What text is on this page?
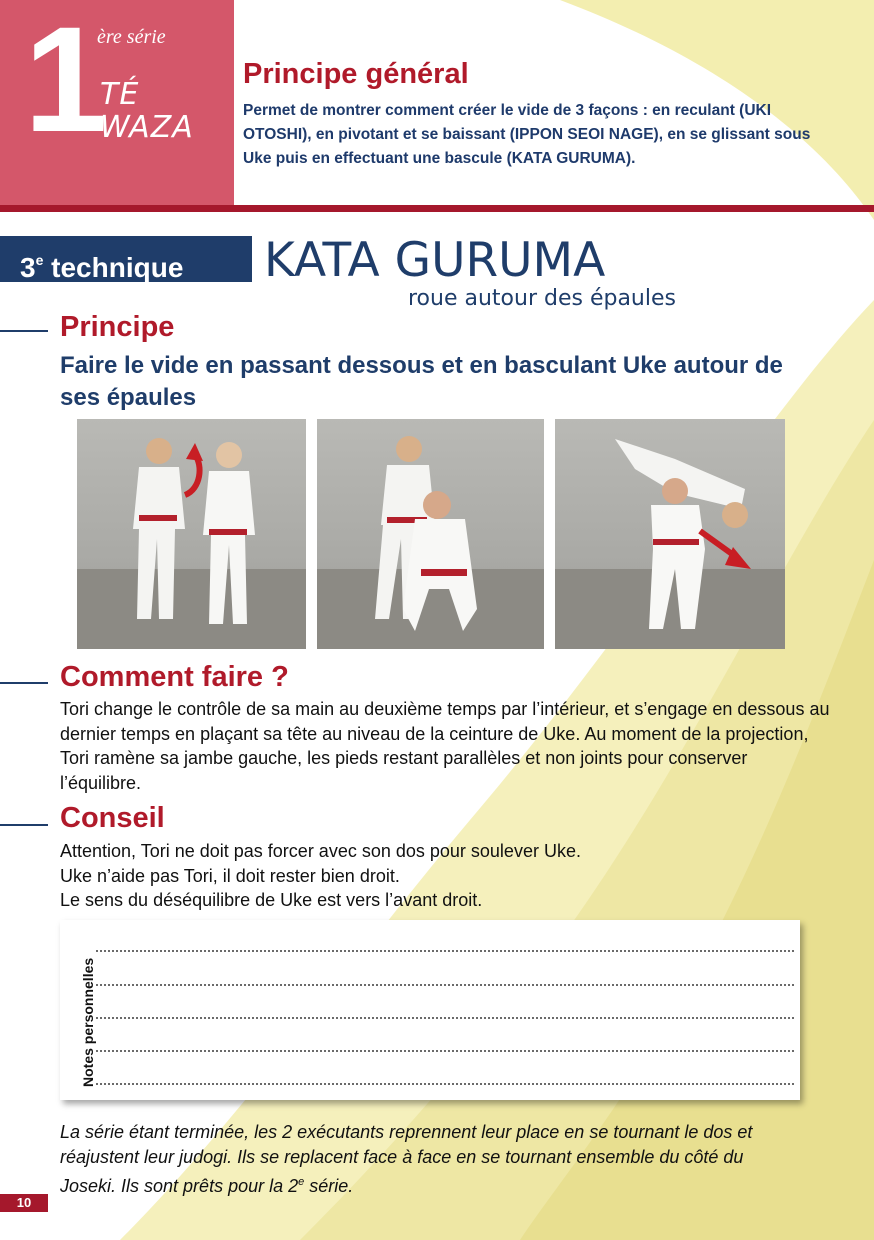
1
ère série
TÉ
WAZA
Principe général
Permet de montrer comment créer le vide de 3 façons : en reculant (UKI OTOSHI), en pivotant et se baissant (IPPON SEOI NAGE), en se glissant sous Uke puis en effectuant une bascule (KATA GURUMA).
3e technique KATA GURUMA
roue autour des épaules
Principe
Faire le vide en passant dessous et en basculant Uke autour de ses épaules
Comment faire ?
Tori change le contrôle de sa main au deuxième temps par l’intérieur, et s’engage en dessous au dernier temps en plaçant sa tête au niveau de la ceinture de Uke. Au moment de la projection, Tori ramène sa jambe gauche, les pieds restant parallèles et non joints pour conserver l’équilibre.
Conseil
Attention, Tori ne doit pas forcer avec son dos pour soulever Uke.
Uke n’aide pas Tori, il doit rester bien droit.
Le sens du déséquilibre de Uke est vers l’avant droit.
Notes personnelles
La série étant terminée, les 2 exécutants reprennent leur place en se tournant le dos et réajustent leur judogi. Ils se replacent face à face en se tournant ensemble du côté du Joseki. Ils sont prêts pour la 2e série.
10
